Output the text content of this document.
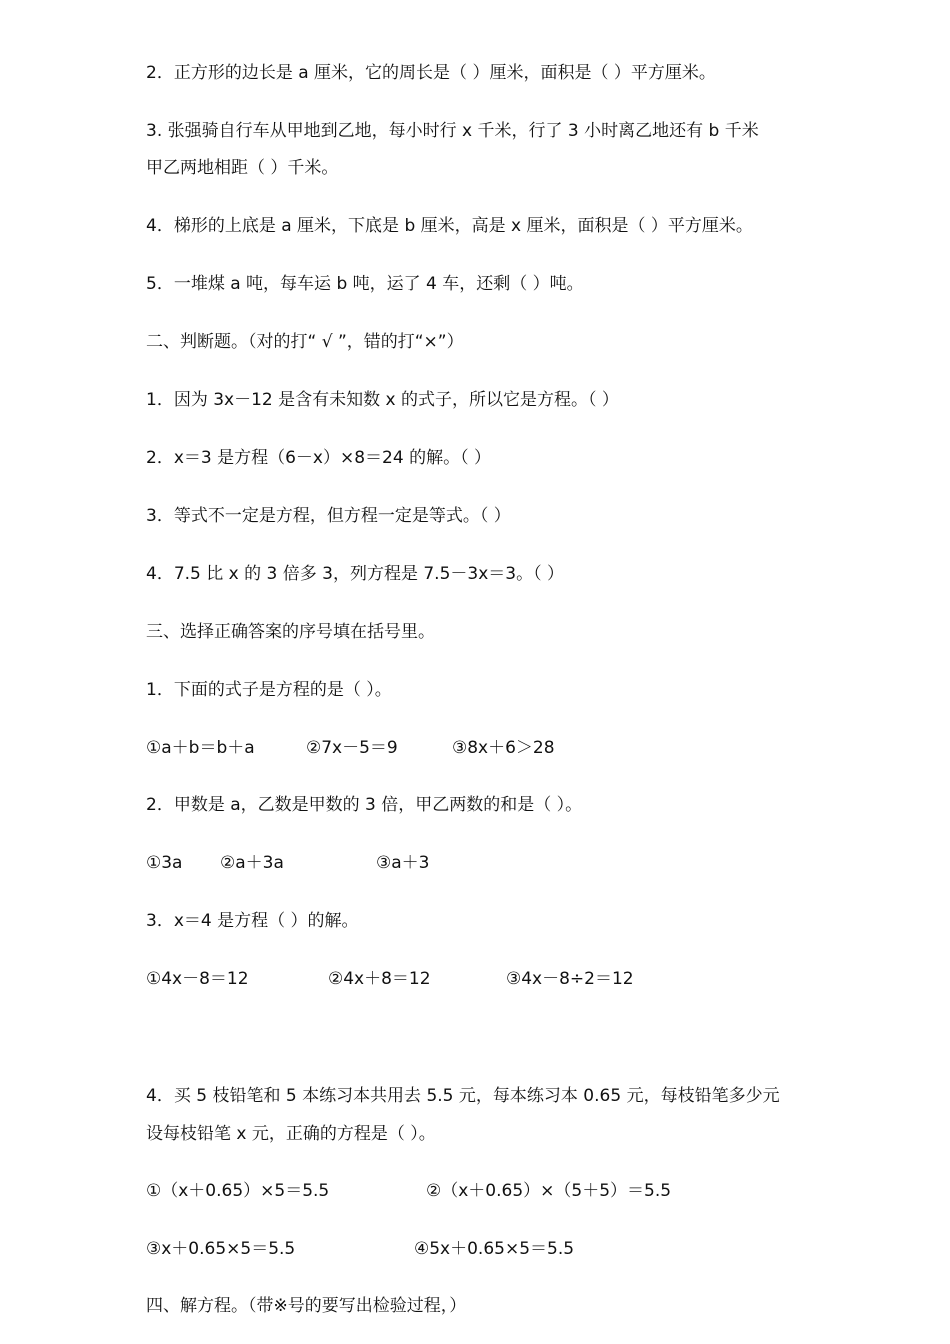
2．正方形的边长是 a 厘米，它的周长是（ ）厘米，面积是（ ）平方厘米。
3. 张强骑自行车从甲地到乙地，每小时行 x 千米，行了 3 小时离乙地还有 b 千米
甲乙两地相距（ ）千米。
4．梯形的上底是 a 厘米，下底是 b 厘米，高是 x 厘米，面积是（ ）平方厘米。
5．一堆煤 a 吨，每车运 b 吨，运了 4 车，还剩（ ）吨。
二、判断题。（对的打“ √ ”，错的打“×”）
1．因为 3x－12 是含有未知数 x 的式子，所以它是方程。（ ）
2．x＝3 是方程（6－x）×8＝24 的解。（ ）
3．等式不一定是方程，但方程一定是等式。（ ）
4．7.5 比 x 的 3 倍多 3，列方程是 7.5－3x＝3。（ ）
三、选择正确答案的序号填在括号里。
1．下面的式子是方程的是（ ）。
①a＋b＝b＋a	②7x－5＝9	③8x＋6＞28
2．甲数是 a，乙数是甲数的 3 倍，甲乙两数的和是（ ）。
①3a ②a＋3a	③a＋3
3．x＝4 是方程（ ）的解。
①4x－8＝12	②4x＋8＝12	③4x－8÷2＝12
4．买 5 枝铅笔和 5 本练习本共用去 5.5 元，每本练习本 0.65 元，每枝铅笔多少元
设每枝铅笔 x 元，正确的方程是（ ）。
①（x＋0.65）×5＝5.5	②（x＋0.65）×（5＋5）＝5.5
③x＋0.65×5＝5.5	④5x＋0.65×5＝5.5
四、解方程。（带※号的要写出检验过程，）
